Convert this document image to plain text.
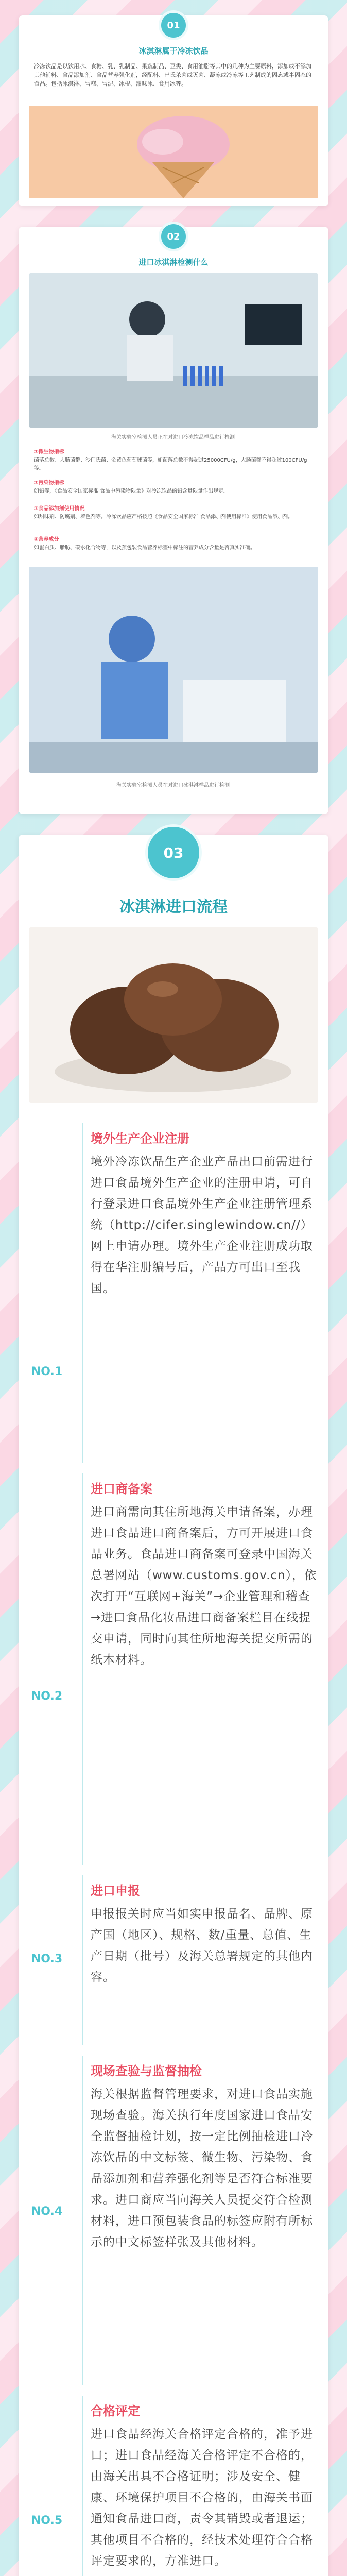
01
冰淇淋属于冷冻饮品
冷冻饮品是以饮用水、食糖、乳、乳制品、果蔬制品、豆类、食用油脂等其中的几种为主要原料，添加或不添加其他辅料、食品添加剂、食品营养强化剂，经配料、巴氏杀菌或灭菌、凝冻或冷冻等工艺制成的固态或半固态的食品。包括冰淇淋、雪糕、雪泥、冰棍、甜味冰、食用冰等。
02
进口冰淇淋检测什么
海关实验室检测人员正在对进口冷冻饮品样品进行检测
①微生物指标
菌落总数、大肠菌群、沙门氏菌、金黄色葡萄球菌等，如菌落总数不得超过25000CFU/g，大肠菌群不得超过100CFU/g等。
②污染物指标
如铅等，《食品安全国家标准 食品中污染物限量》对冷冻饮品的铅含量限量作出规定。
③食品添加剂使用情况
如甜味剂、防腐剂、着色剂等。冷冻饮品应严格按照《食品安全国家标准 食品添加剂使用标准》使用食品添加剂。
④营养成分
如蛋白质、脂肪、碳水化合物等，以及预包装食品营养标签中标注的营养成分含量是否真实准确。
海关实验室检测人员在对进口冰淇淋样品进行检测
03
冰淇淋进口流程
NO.1
境外生产企业注册
境外冷冻饮品生产企业产品出口前需进行进口食品境外生产企业的注册申请，可自行登录进口食品境外生产企业注册管理系统（http://cifer.singlewindow.cn//）网上申请办理。境外生产企业注册成功取得在华注册编号后，产品方可出口至我国。
NO.2
进口商备案
进口商需向其住所地海关申请备案，办理进口食品进口商备案后，方可开展进口食品业务。食品进口商备案可登录中国海关总署网站（www.customs.gov.cn），依次打开“互联网+海关”→企业管理和稽查→进口食品化妆品进口商备案栏目在线提交申请，同时向其住所地海关提交所需的纸本材料。
NO.3
进口申报
申报报关时应当如实申报品名、品牌、原产国（地区）、规格、数/重量、总值、生产日期（批号）及海关总署规定的其他内容。
NO.4
现场查验与监督抽检
海关根据监督管理要求，对进口食品实施现场查验。海关执行年度国家进口食品安全监督抽检计划，按一定比例抽检进口冷冻饮品的中文标签、微生物、污染物、食品添加剂和营养强化剂等是否符合标准要求。进口商应当向海关人员提交符合检测材料，进口预包装食品的标签应附有所标示的中文标签样张及其他材料。
NO.5
合格评定
进口食品经海关合格评定合格的，准予进口；进口食品经海关合格评定不合格的，由海关出具不合格证明；涉及安全、健康、环境保护项目不合格的，由海关书面通知食品进口商，责令其销毁或者退运；其他项目不合格的，经技术处理符合合格评定要求的，方准进口。
